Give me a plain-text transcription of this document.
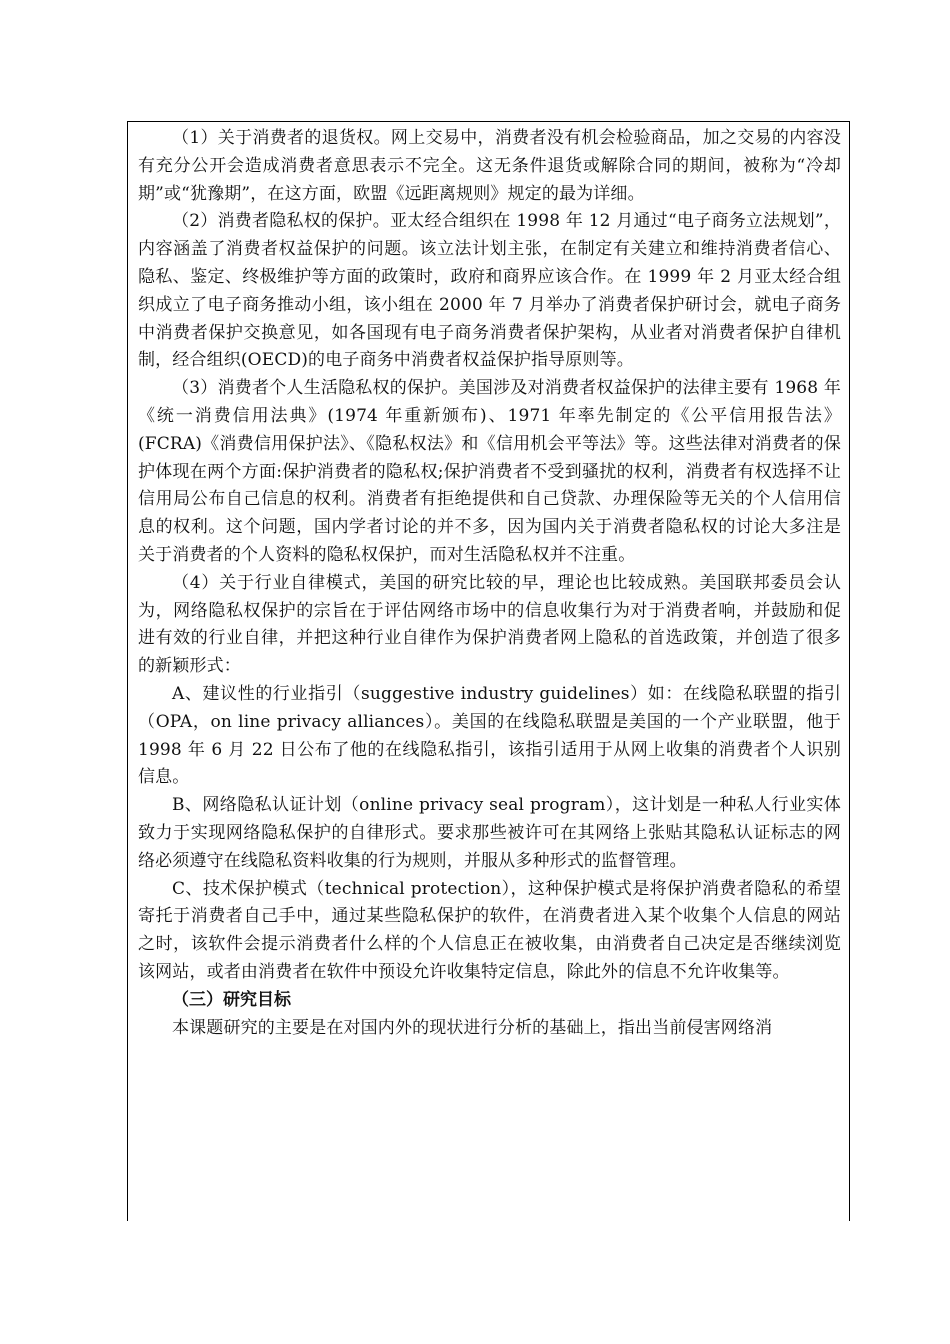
（1）关于消费者的退货权。网上交易中，消费者没有机会检验商品，加之交易的内容没有充分公开会造成消费者意思表示不完全。这无条件退货或解除合同的期间，被称为“冷却期”或“犹豫期”，在这方面，欧盟《远距离规则》规定的最为详细。

（2）消费者隐私权的保护。亚太经合组织在 1998 年 12 月通过“电子商务立法规划”，内容涵盖了消费者权益保护的问题。该立法计划主张，在制定有关建立和维持消费者信心、隐私、鉴定、终极维护等方面的政策时，政府和商界应该合作。在 1999 年 2 月亚太经合组织成立了电子商务推动小组，该小组在 2000 年 7 月举办了消费者保护研讨会，就电子商务中消费者保护交换意见，如各国现有电子商务消费者保护架构，从业者对消费者保护自律机制，经合组织(OECD)的电子商务中消费者权益保护指导原则等。

（3）消费者个人生活隐私权的保护。美国涉及对消费者权益保护的法律主要有 1968 年《统一消费信用法典》(1974 年重新颁布)、1971 年率先制定的《公平信用报告法》(FCRA)《消费信用保护法》、《隐私权法》和《信用机会平等法》等。这些法律对消费者的保护体现在两个方面:保护消费者的隐私权;保护消费者不受到骚扰的权利，消费者有权选择不让信用局公布自己信息的权利。消费者有拒绝提供和自己贷款、办理保险等无关的个人信用信息的权利。这个问题，国内学者讨论的并不多，因为国内关于消费者隐私权的讨论大多注是关于消费者的个人资料的隐私权保护，而对生活隐私权并不注重。

（4）关于行业自律模式，美国的研究比较的早，理论也比较成熟。美国联邦委员会认为，网络隐私权保护的宗旨在于评估网络市场中的信息收集行为对于消费者响，并鼓励和促进有效的行业自律，并把这种行业自律作为保护消费者网上隐私的首选政策，并创造了很多的新颖形式：

A、建议性的行业指引（suggestive industry guidelines）如：在线隐私联盟的指引（OPA，on line privacy alliances）。美国的在线隐私联盟是美国的一个产业联盟，他于 1998 年 6 月 22 日公布了他的在线隐私指引，该指引适用于从网上收集的消费者个人识别信息。

B、网络隐私认证计划（online privacy seal program），这计划是一种私人行业实体致力于实现网络隐私保护的自律形式。要求那些被许可在其网络上张贴其隐私认证标志的网络必须遵守在线隐私资料收集的行为规则，并服从多种形式的监督管理。

C、技术保护模式（technical protection），这种保护模式是将保护消费者隐私的希望寄托于消费者自己手中，通过某些隐私保护的软件，在消费者进入某个收集个人信息的网站之时，该软件会提示消费者什么样的个人信息正在被收集，由消费者自己决定是否继续浏览该网站，或者由消费者在软件中预设允许收集特定信息，除此外的信息不允许收集等。

（三）研究目标

本课题研究的主要是在对国内外的现状进行分析的基础上，指出当前侵害网络消
